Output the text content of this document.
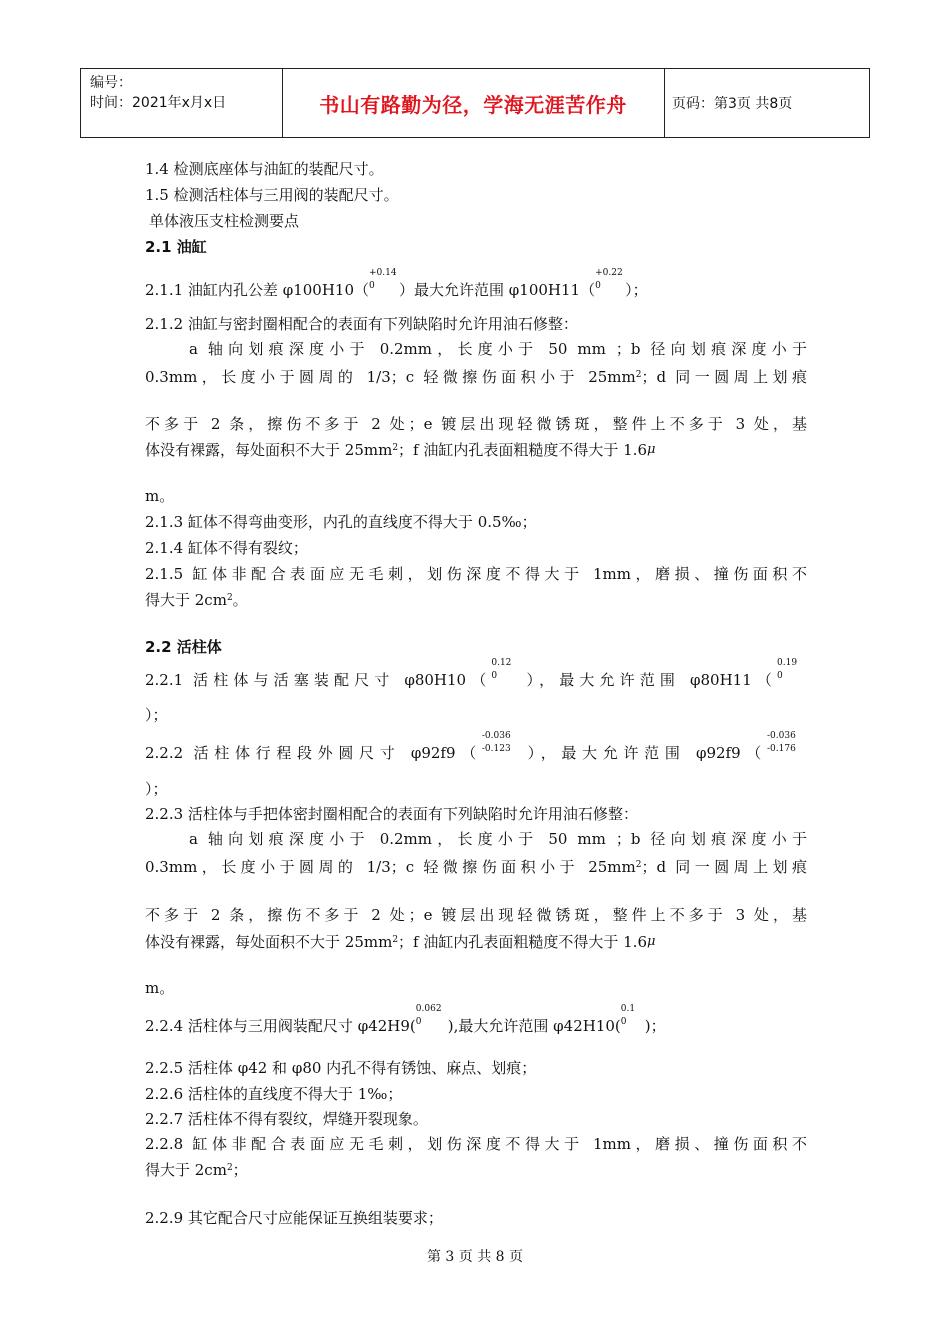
编号：
时间：2021年x月x日	书山有路勤为径，学海无涯苦作舟	页码：第3页 共8页
1.4 检测底座体与油缸的装配尺寸。
1.5 检测活柱体与三用阀的装配尺寸。
单体液压支柱检测要点
2.1 油缸
2.1.1 油缸内孔公差 φ100H10（
+0.14
0 ）最大允许范围 φ100H11（
+0.22
0 ）；
2.1.2 油缸与密封圈相配合的表面有下列缺陷时允许用油石修整：
a 轴向划痕深度小于 0.2mm，长度小于 50 mm ；b 径向划痕深度小于
0.3mm，长度小于圆周的 1/3；c 轻微擦伤面积小于 $25mm^2$；d 同一圆周上划痕
不多于 2 条，擦伤不多于 2 处；e 镀层出现轻微锈斑，整件上不多于 3 处，基
体没有裸露，每处面积不大于 $25mm^2$；f 油缸内孔表面粗糙度不得大于 1.6μ
m。
2.1.3 缸体不得弯曲变形，内孔的直线度不得大于 0.5‰；
2.1.4 缸体不得有裂纹；
2.1.5 缸体非配合表面应无毛刺，划伤深度不得大于 1mm，磨损、撞伤面积不
得大于 $2cm^2$。
2.2 活柱体
2.2.1 活柱体与活塞装配尺寸 φ80H10（
0.12
0 ），最大允许范围 φ80H11（
0.19
0
）；
2.2.2 活柱体行程段外圆尺寸 φ92f9（
-0.036
-0.123 ），最大允许范围 φ92f9（
-0.036
-0.176
）；
2.2.3 活柱体与手把体密封圈相配合的表面有下列缺陷时允许用油石修整：
a 轴向划痕深度小于 0.2mm，长度小于 50 mm ；b 径向划痕深度小于
0.3mm，长度小于圆周的 1/3；c 轻微擦伤面积小于 $25mm^2$；d 同一圆周上划痕
不多于 2 条，擦伤不多于 2 处；e 镀层出现轻微锈斑，整件上不多于 3 处，基
体没有裸露，每处面积不大于 $25mm^2$；f 油缸内孔表面粗糙度不得大于 1.6μ
m。
2.2.4 活柱体与三用阀装配尺寸 φ42H9(
0.062
0 ),最大允许范围 φ42H10(
0.1
0 )；
2.2.5 活柱体 φ42 和 φ80 内孔不得有锈蚀、麻点、划痕；
2.2.6 活柱体的直线度不得大于 1‰；
2.2.7 活柱体不得有裂纹，焊缝开裂现象。
2.2.8 缸体非配合表面应无毛刺，划伤深度不得大于 1mm，磨损、撞伤面积不
得大于 $2cm^2$；
2.2.9 其它配合尺寸应能保证互换组装要求；
第 3 页 共 8 页
